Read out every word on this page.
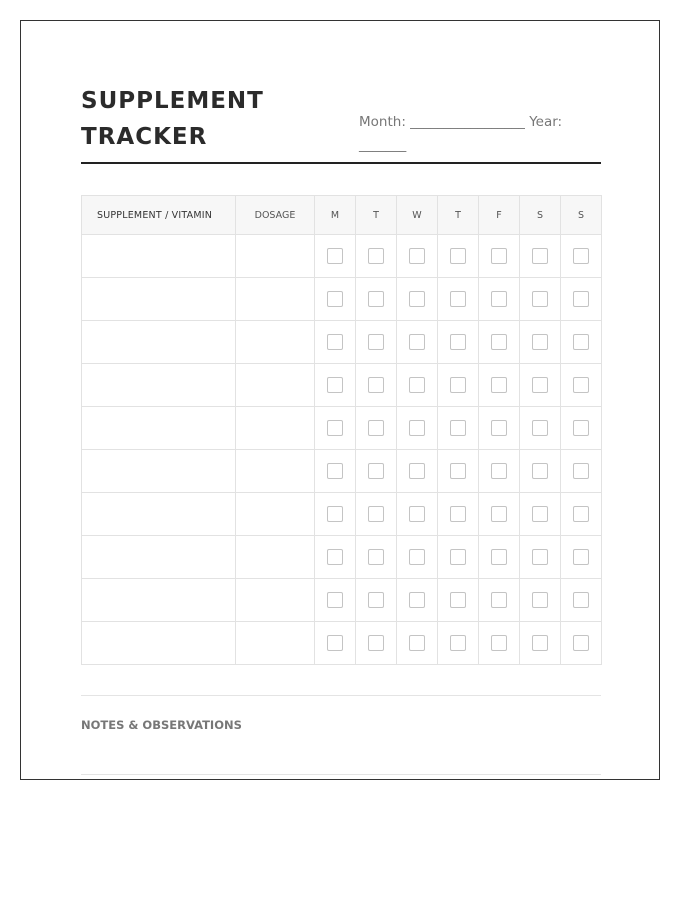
SUPPLEMENT TRACKER
Month: _________________ Year: _______
SUPPLEMENT / VITAMIN	DOSAGE	M	T	W	T	F	S	S

NOTES & OBSERVATIONS
